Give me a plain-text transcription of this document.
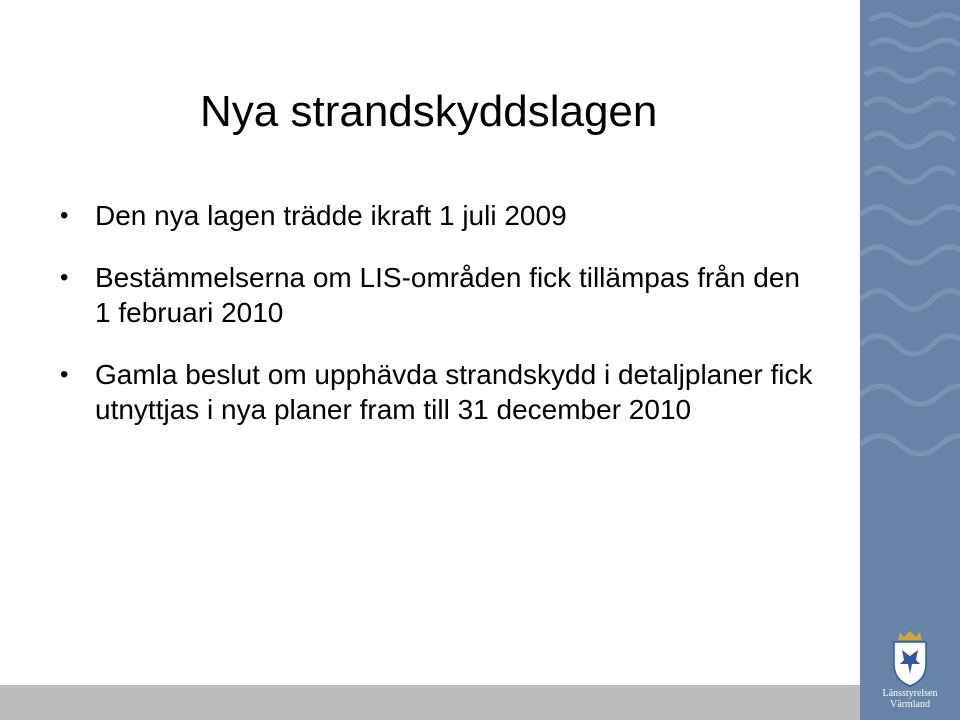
Nya strandskyddslagen
• Den nya lagen trädde ikraft 1 juli 2009
• Bestämmelserna om LIS-områden fick tillämpas från den 1 februari 2010
• Gamla beslut om upphävda strandskydd i detaljplaner fick utnyttjas i nya planer fram till 31 december 2010
Länsstyrelsen
Värmland
